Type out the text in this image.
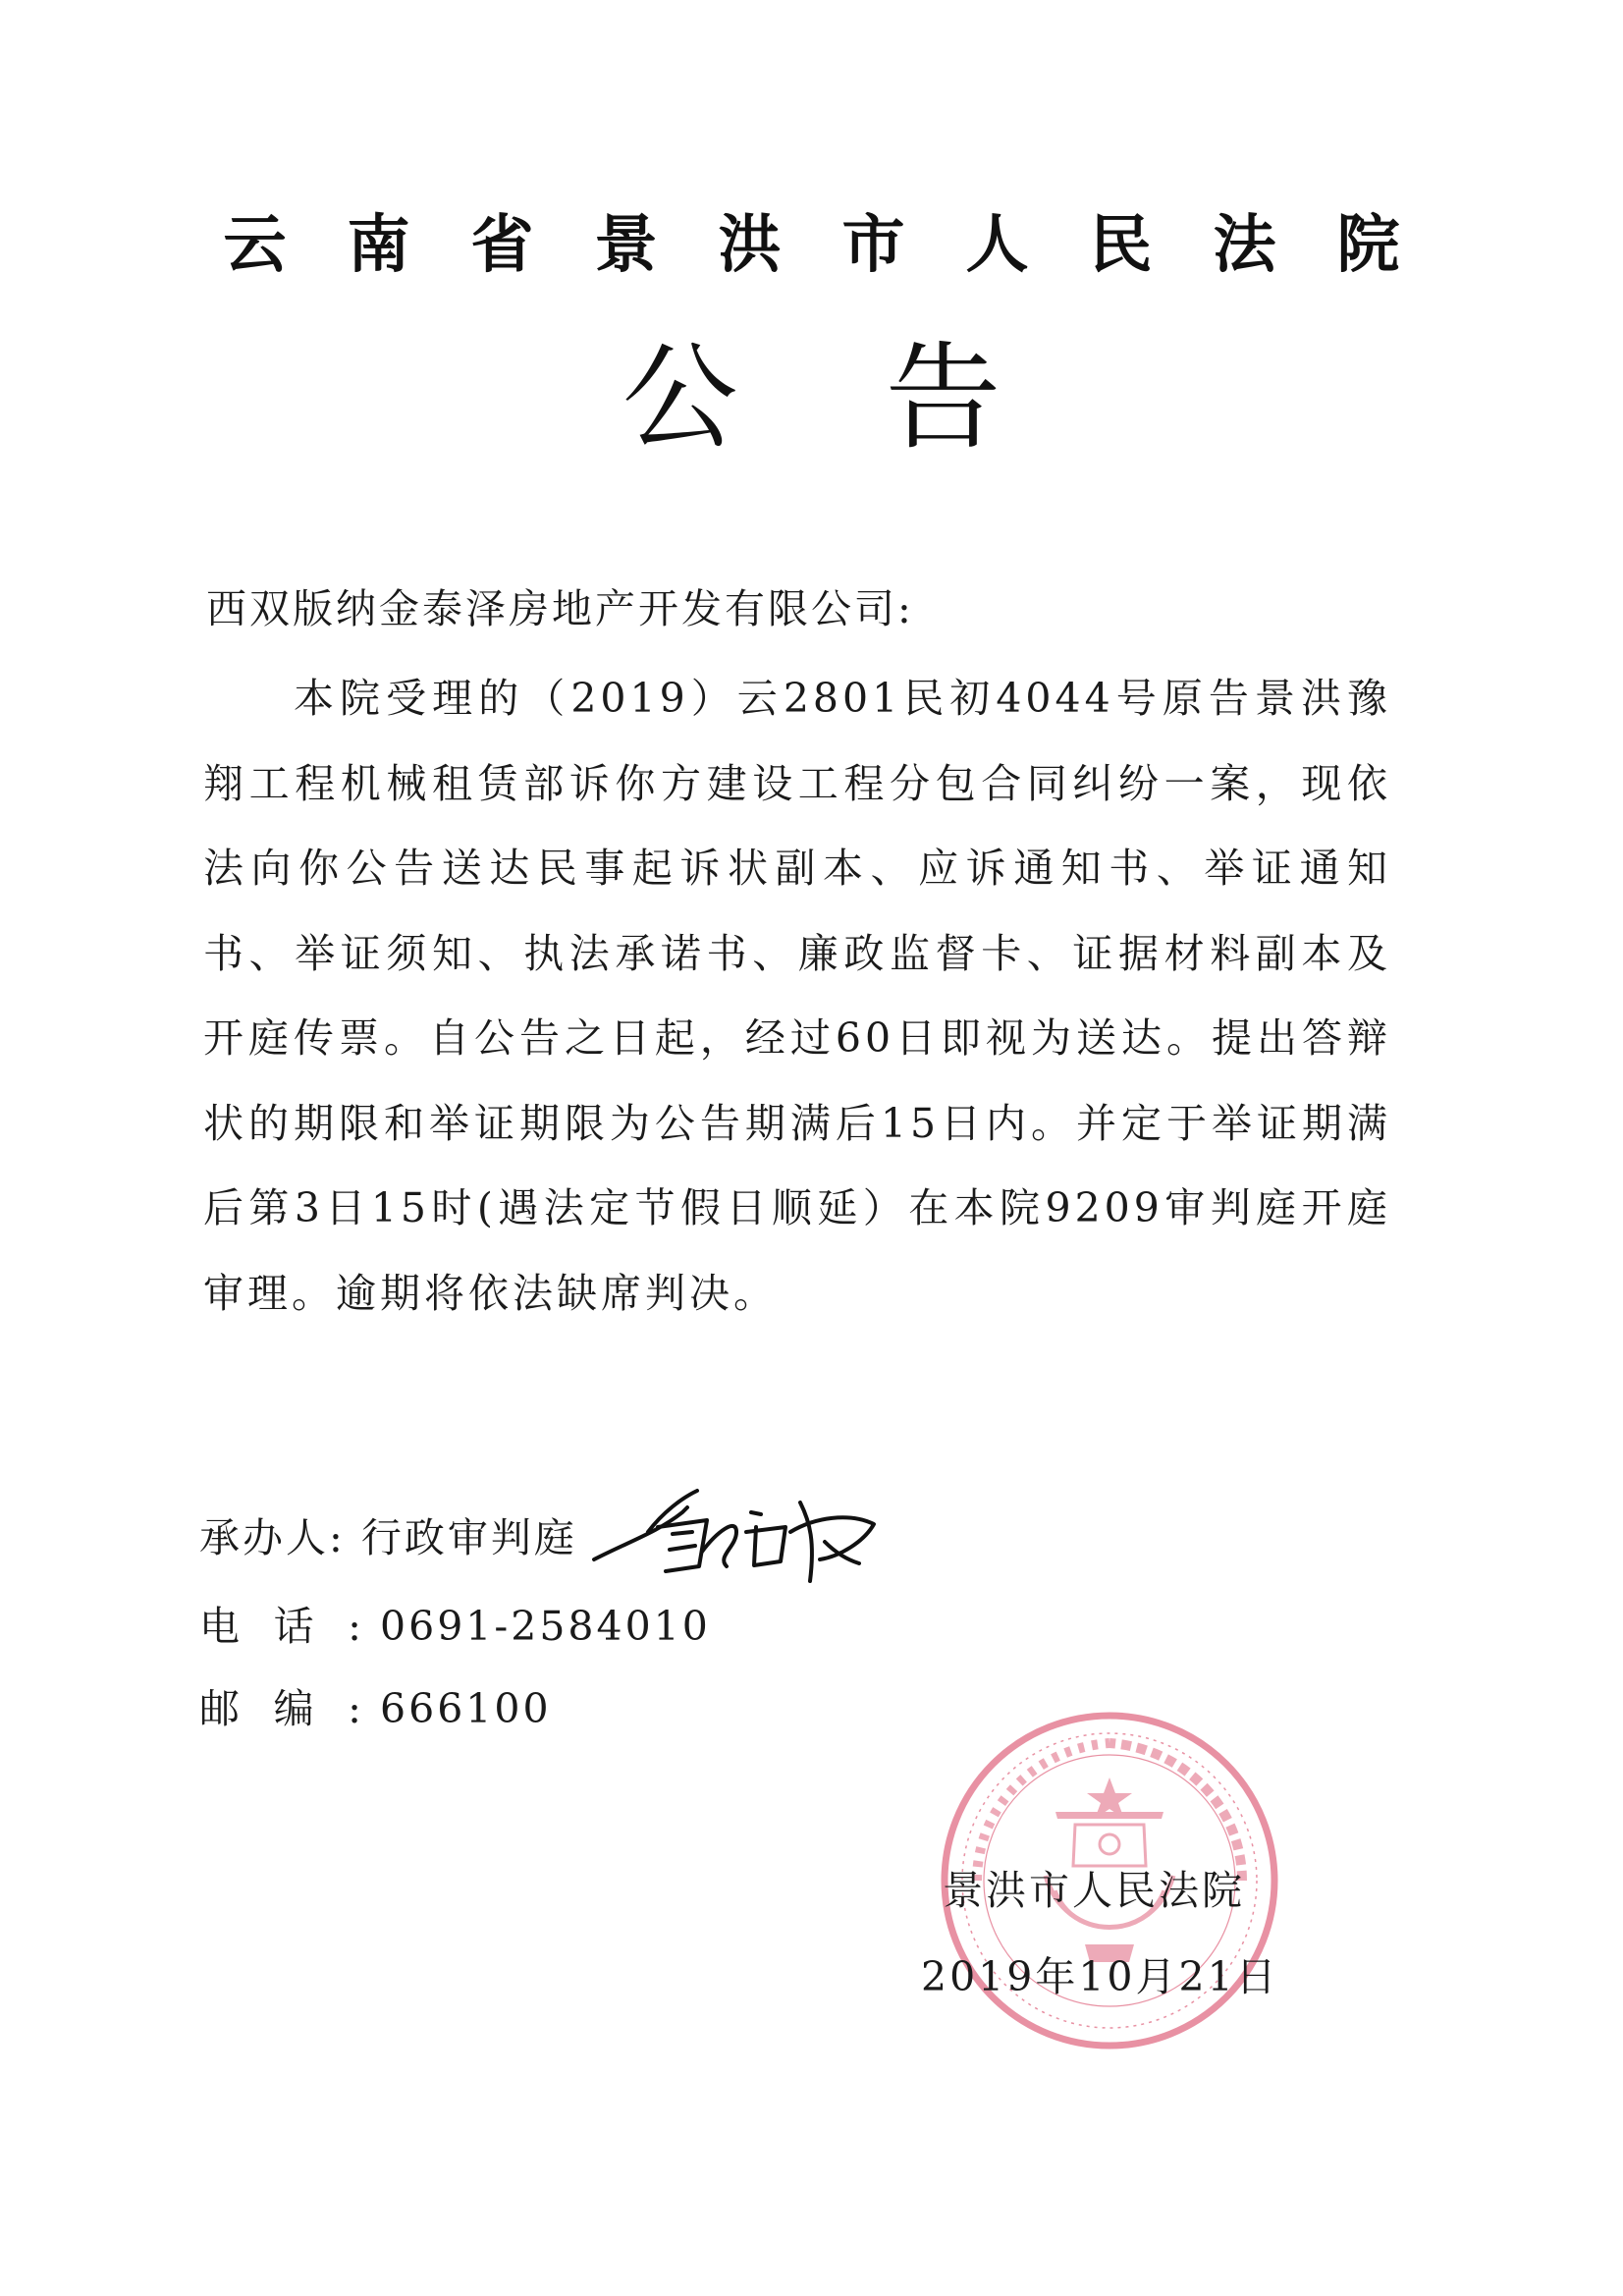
云南省景洪市人民法院
公告
西双版纳金泰泽房地产开发有限公司:
本院受理的（2019）云2801民初4044号原告景洪豫翔工程机械租赁部诉你方建设工程分包合同纠纷一案，现依法向你公告送达民事起诉状副本、应诉通知书、举证通知书、举证须知、执法承诺书、廉政监督卡、证据材料副本及开庭传票。自公告之日起，经过60日即视为送达。提出答辩状的期限和举证期限为公告期满后15日内。并定于举证期满后第3日15时(遇法定节假日顺延）在本院9209审判庭开庭审理。逾期将依法缺席判决。
承办人: 行政审判庭
电话: 0691-2584010
邮编: 666100
景洪市人民法院
2019年10月21日
